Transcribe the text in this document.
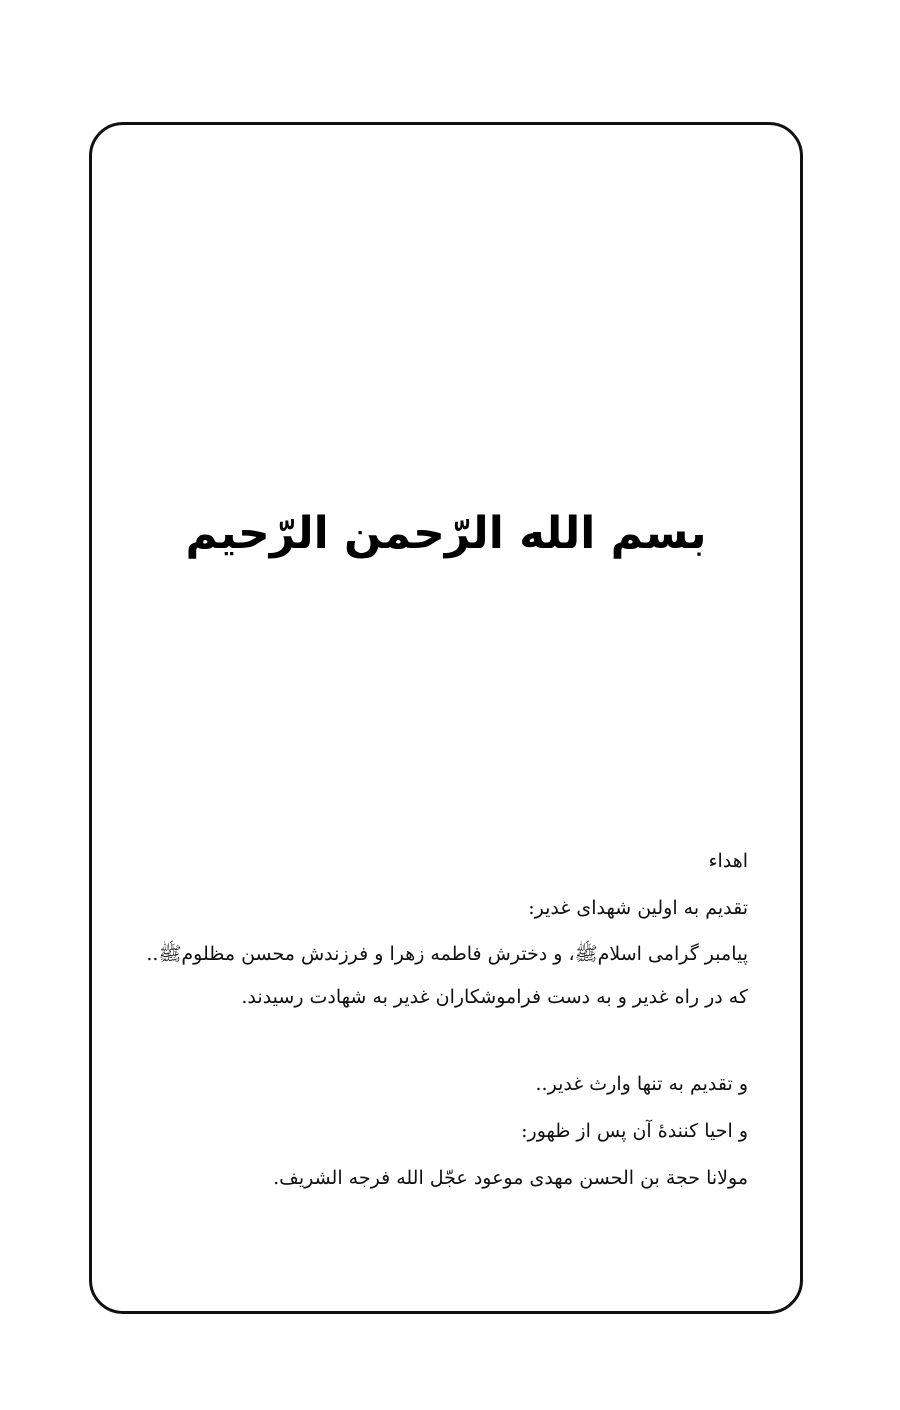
بسم الله الرّحمن الرّحيم
اهداء
تقدیم به اولین شهدای غدیر:
پیامبر گرامی اسلامﷺ، و دخترش فاطمه زهرا و فرزندش محسن مظلومﷺ..
که در راه غدیر و به دست فراموشکاران غدیر به شهادت رسیدند.
و تقدیم به تنها وارث غدیر..
و احیا کنندهٔ آن پس از ظهور:
مولانا حجة بن الحسن مهدی موعود عجّل الله فرجه الشریف.
